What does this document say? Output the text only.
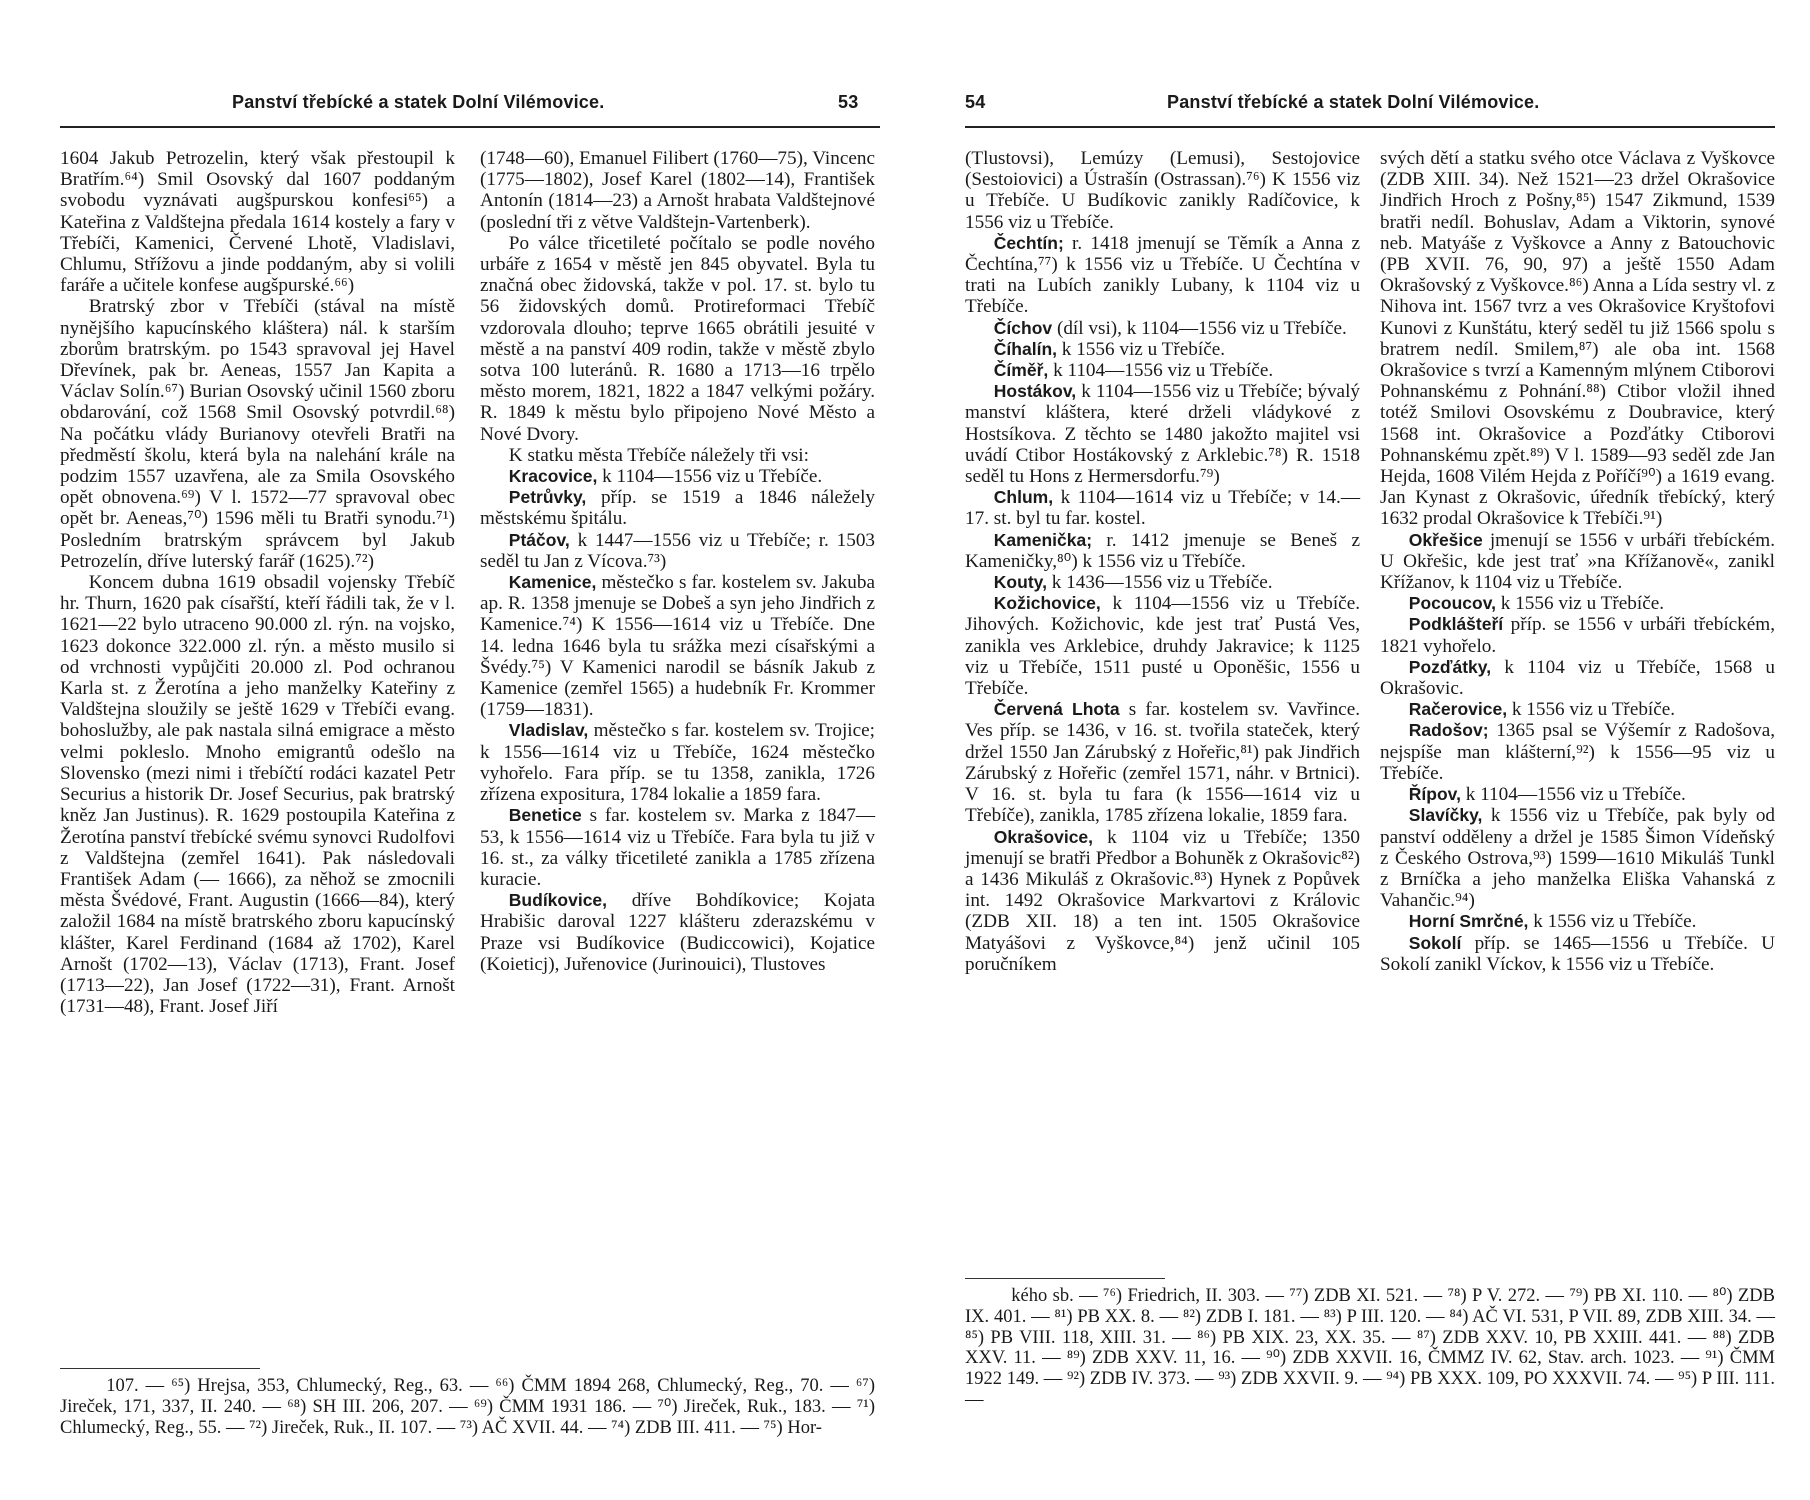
Panství třebícké a statek Dolní Vilémovice.	53

1604 Jakub Petrozelin, který však přestoupil k Bratřím.⁶⁴) Smil Osovský dal 1607 poddaným svobodu vyznávati augšpurskou konfesi⁶⁵) a Kateřina z Valdštejna předala 1614 kostely a fary v Třebíči, Kamenici, Červené Lhotě, Vladislavi, Chlumu, Střížovu a jinde poddaným, aby si volili faráře a učitele konfese augšpurské.⁶⁶)

Bratrský zbor v Třebíči (stával na místě nynějšího kapucínského kláštera) nál. k starším zborům bratrským. po 1543 spravoval jej Havel Dřevínek, pak br. Aeneas, 1557 Jan Kapita a Václav Solín.⁶⁷) Burian Osovský učinil 1560 zboru obdarování, což 1568 Smil Osovský potvrdil.⁶⁸) Na počátku vlády Burianovy otevřeli Bratři na předměstí školu, která byla na nalehání krále na podzim 1557 uzavřena, ale za Smila Osovského opět obnovena.⁶⁹) V l. 1572—77 spravoval obec opět br. Aeneas,⁷⁰) 1596 měli tu Bratři synodu.⁷¹) Posledním bratrským správcem byl Jakub Petrozelín, dříve luterský farář (1625).⁷²)

Koncem dubna 1619 obsadil vojensky Třebíč hr. Thurn, 1620 pak císařští, kteří řádili tak, že v l. 1621—22 bylo utraceno 90.000 zl. rýn. na vojsko, 1623 dokonce 322.000 zl. rýn. a město musilo si od vrchnosti vypůjčiti 20.000 zl. Pod ochranou Karla st. z Žerotína a jeho manželky Kateřiny z Valdštejna sloužily se ještě 1629 v Třebíči evang. bohoslužby, ale pak nastala silná emigrace a město velmi pokleslo. Mnoho emigrantů odešlo na Slovensko (mezi nimi i třebíčtí rodáci kazatel Petr Securius a historik Dr. Josef Securius, pak bratrský kněz Jan Justinus). R. 1629 postoupila Kateřina z Žerotína panství třebícké svému synovci Rudolfovi z Valdštejna (zemřel 1641). Pak následovali František Adam (— 1666), za něhož se zmocnili města Švédové, Frant. Augustin (1666—84), který založil 1684 na místě bratrského zboru kapucínský klášter, Karel Ferdinand (1684 až 1702), Karel Arnošt (1702—13), Václav (1713), Frant. Josef (1713—22), Jan Josef (1722—31), Frant. Arnošt (1731—48), Frant. Josef Jiří

(1748—60), Emanuel Filibert (1760—75), Vincenc (1775—1802), Josef Karel (1802—14), František Antonín (1814—23) a Arnošt hrabata Valdštejnové (poslední tři z větve Valdštejn-Vartenberk).

Po válce třicetileté počítalo se podle nového urbáře z 1654 v městě jen 845 obyvatel. Byla tu značná obec židovská, takže v pol. 17. st. bylo tu 56 židovských domů. Protireformaci Třebíč vzdorovala dlouho; teprve 1665 obrátili jesuité v městě a na panství 409 rodin, takže v městě zbylo sotva 100 luteránů. R. 1680 a 1713—16 trpělo město morem, 1821, 1822 a 1847 velkými požáry. R. 1849 k městu bylo připojeno Nové Město a Nové Dvory.

K statku města Třebíče náležely tři vsi:

Kracovice, k 1104—1556 viz u Třebíče.

Petrůvky, příp. se 1519 a 1846 náležely městskému špitálu.

Ptáčov, k 1447—1556 viz u Třebíče; r. 1503 seděl tu Jan z Vícova.⁷³)

Kamenice, městečko s far. kostelem sv. Jakuba ap. R. 1358 jmenuje se Dobeš a syn jeho Jindřich z Kamenice.⁷⁴) K 1556—1614 viz u Třebíče. Dne 14. ledna 1646 byla tu srážka mezi císařskými a Švédy.⁷⁵) V Kamenici narodil se básník Jakub z Kamenice (zemřel 1565) a hudebník Fr. Krommer (1759—1831).

Vladislav, městečko s far. kostelem sv. Trojice; k 1556—1614 viz u Třebíče, 1624 městečko vyhořelo. Fara příp. se tu 1358, zanikla, 1726 zřízena expositura, 1784 lokalie a 1859 fara.

Benetice s far. kostelem sv. Marka z 1847—53, k 1556—1614 viz u Třebíče. Fara byla tu již v 16. st., za války třicetileté zanikla a 1785 zřízena kuracie.

Budíkovice, dříve Bohdíkovice; Kojata Hrabišic daroval 1227 klášteru zderazskému v Praze vsi Budíkovice (Budiccowici), Kojatice (Koieticj), Juřenovice (Jurinouici), Tlustoves

107. — ⁶⁵) Hrejsa, 353, Chlumecký, Reg., 63. — ⁶⁶) ČMM 1894 268, Chlumecký, Reg., 70. — ⁶⁷) Jireček, 171, 337, II. 240. — ⁶⁸) SH III. 206, 207. — ⁶⁹) ČMM 1931 186. — ⁷⁰) Jireček, Ruk., 183. — ⁷¹) Chlumecký, Reg., 55. — ⁷²) Jireček, Ruk., II. 107. — ⁷³) AČ XVII. 44. — ⁷⁴) ZDB III. 411. — ⁷⁵) Hor-

54	Panství třebícké a statek Dolní Vilémovice.

(Tlustovsi), Lemúzy (Lemusi), Sestojovice (Sestoiovici) a Ústrašín (Ostrassan).⁷⁶) K 1556 viz u Třebíče. U Budíkovic zanikly Radíčovice, k 1556 viz u Třebíče.

Čechtín; r. 1418 jmenují se Těmík a Anna z Čechtína,⁷⁷) k 1556 viz u Třebíče. U Čechtína v trati na Lubích zanikly Lubany, k 1104 viz u Třebíče.

Číchov (díl vsi), k 1104—1556 viz u Třebíče.

Číhalín, k 1556 viz u Třebíče.

Číměř, k 1104—1556 viz u Třebíče.

Hostákov, k 1104—1556 viz u Třebíče; bývalý manství kláštera, které drželi vládykové z Hostsíkova. Z těchto se 1480 jakožto majitel vsi uvádí Ctibor Hostákovský z Arklebic.⁷⁸) R. 1518 seděl tu Hons z Hermersdorfu.⁷⁹)

Chlum, k 1104—1614 viz u Třebíče; v 14.—17. st. byl tu far. kostel.

Kamenička; r. 1412 jmenuje se Beneš z Kameničky,⁸⁰) k 1556 viz u Třebíče.

Kouty, k 1436—1556 viz u Třebíče.

Kožichovice, k 1104—1556 viz u Třebíče. Jihových. Kožichovic, kde jest trať Pustá Ves, zanikla ves Arklebice, druhdy Jakravice; k 1125 viz u Třebíče, 1511 pusté u Oponěšic, 1556 u Třebíče.

Červená Lhota s far. kostelem sv. Vavřince. Ves příp. se 1436, v 16. st. tvořila stateček, který držel 1550 Jan Zárubský z Hořeřic,⁸¹) pak Jindřich Zárubský z Hořeřic (zemřel 1571, náhr. v Brtnici). V 16. st. byla tu fara (k 1556—1614 viz u Třebíče), zanikla, 1785 zřízena lokalie, 1859 fara.

Okrašovice, k 1104 viz u Třebíče; 1350 jmenují se bratři Předbor a Bohuněk z Okrašovic⁸²) a 1436 Mikuláš z Okrašovic.⁸³) Hynek z Popůvek int. 1492 Okrašovice Markvartovi z Královic (ZDB XII. 18) a ten int. 1505 Okrašovice Matyášovi z Vyškovce,⁸⁴) jenž učinil 105 poručníkem

svých dětí a statku svého otce Václava z Vyškovce (ZDB XIII. 34). Než 1521—23 držel Okrašovice Jindřich Hroch z Pošny,⁸⁵) 1547 Zikmund, 1539 bratři nedíl. Bohuslav, Adam a Viktorin, synové neb. Matyáše z Vyškovce a Anny z Batouchovic (PB XVII. 76, 90, 97) a ještě 1550 Adam Okrašovský z Vyškovce.⁸⁶) Anna a Lída sestry vl. z Nihova int. 1567 tvrz a ves Okrašovice Kryštofovi Kunovi z Kunštátu, který seděl tu již 1566 spolu s bratrem nedíl. Smilem,⁸⁷) ale oba int. 1568 Okrašovice s tvrzí a Kamenným mlýnem Ctiborovi Pohnanskému z Pohnání.⁸⁸) Ctibor vložil ihned totéž Smilovi Osovskému z Doubravice, který 1568 int. Okrašovice a Pozďátky Ctiborovi Pohnanskému zpět.⁸⁹) V l. 1589—93 seděl zde Jan Hejda, 1608 Vilém Hejda z Poříčí⁹⁰) a 1619 evang. Jan Kynast z Okrašovic, úředník třebícký, který 1632 prodal Okrašovice k Třebíči.⁹¹)

Okřešice jmenují se 1556 v urbáři třebíckém. U Okřešic, kde jest trať »na Křížanově«, zanikl Křížanov, k 1104 viz u Třebíče.

Pocoucov, k 1556 viz u Třebíče.

Podklášteří příp. se 1556 v urbáři třebíckém, 1821 vyhořelo.

Pozďátky, k 1104 viz u Třebíče, 1568 u Okrašovic.

Račerovice, k 1556 viz u Třebíče.

Radošov; 1365 psal se Výšemír z Radošova, nejspíše man klášterní,⁹²) k 1556—95 viz u Třebíče.

Řípov, k 1104—1556 viz u Třebíče.

Slavíčky, k 1556 viz u Třebíče, pak byly od panství odděleny a držel je 1585 Šimon Vídeňský z Českého Ostrova,⁹³) 1599—1610 Mikuláš Tunkl z Brníčka a jeho manželka Eliška Vahanská z Vahančic.⁹⁴)

Horní Smrčné, k 1556 viz u Třebíče.

Sokolí příp. se 1465—1556 u Třebíče. U Sokolí zanikl Víckov, k 1556 viz u Třebíče.

kého sb. — ⁷⁶) Friedrich, II. 303. — ⁷⁷) ZDB XI. 521. — ⁷⁸) P V. 272. — ⁷⁹) PB XI. 110. — ⁸⁰) ZDB IX. 401. — ⁸¹) PB XX. 8. — ⁸²) ZDB I. 181. — ⁸³) P III. 120. — ⁸⁴) AČ VI. 531, P VII. 89, ZDB XIII. 34. — ⁸⁵) PB VIII. 118, XIII. 31. — ⁸⁶) PB XIX. 23, XX. 35. — ⁸⁷) ZDB XXV. 10, PB XXIII. 441. — ⁸⁸) ZDB XXV. 11. — ⁸⁹) ZDB XXV. 11, 16. — ⁹⁰) ZDB XXVII. 16, ČMMZ IV. 62, Stav. arch. 1023. — ⁹¹) ČMM 1922 149. — ⁹²) ZDB IV. 373. — ⁹³) ZDB XXVII. 9. — ⁹⁴) PB XXX. 109, PO XXXVII. 74. — ⁹⁵) P III. 111. —
